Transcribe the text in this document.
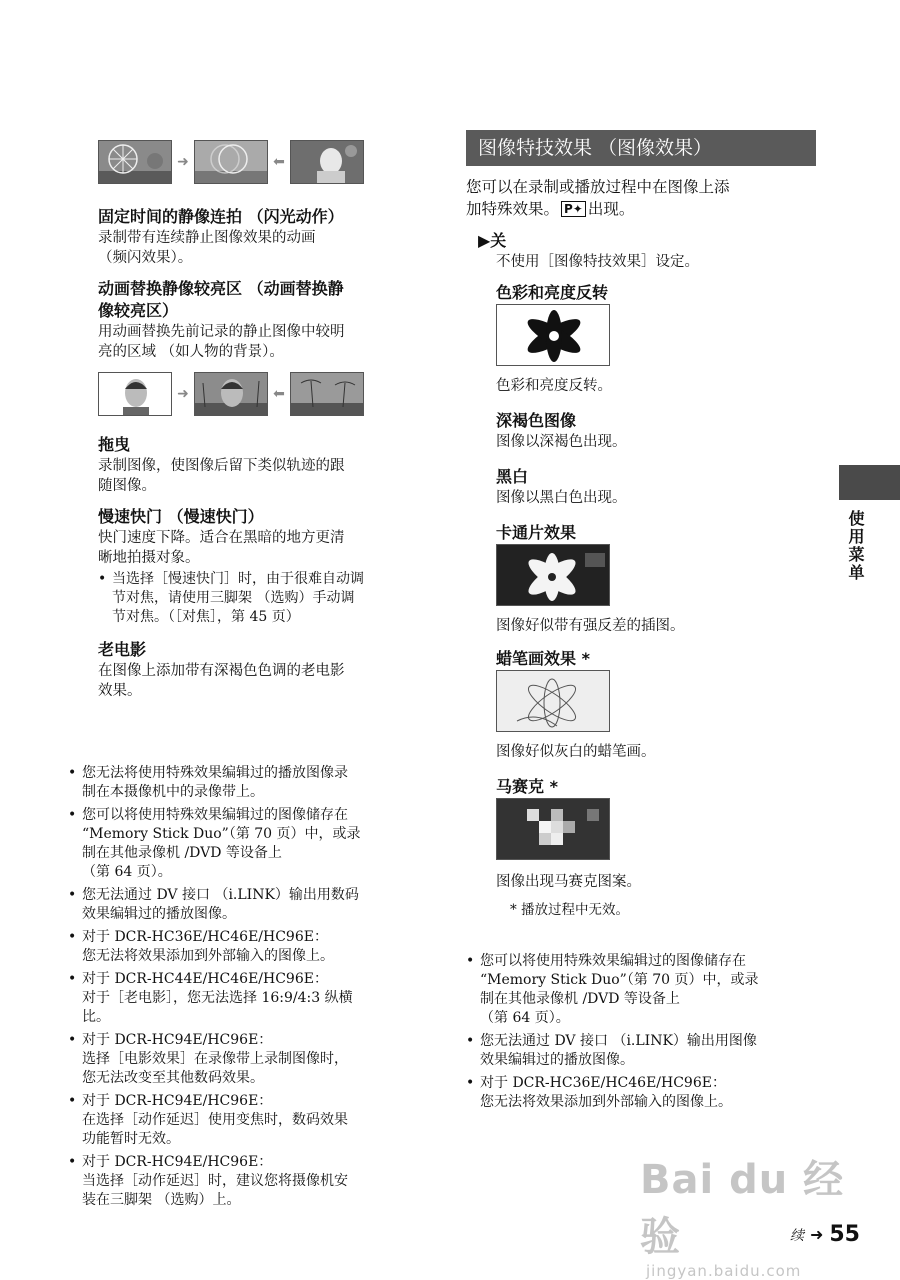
➜	⬅

固定时间的静像连拍 （闪光动作）

录制带有连续静止图像效果的动画

（频闪效果）。

动画替换静像较亮区 （动画替换静

像较亮区）

用动画替换先前记录的静止图像中较明

亮的区域 （如人物的背景）。

➜	⬅

拖曳

录制图像，使图像后留下类似轨迹的跟

随图像。

慢速快门 （慢速快门）

快门速度下降。适合在黑暗的地方更清

晰地拍摄对象。

• 当选择［慢速快门］时，由于很难自动调
节对焦，请使用三脚架 （选购）手动调
节对焦。（［对焦］，第 45 页）

老电影

在图像上添加带有深褐色色调的老电影

效果。

• 您无法将使用特殊效果编辑过的播放图像录
制在本摄像机中的录像带上。
• 您可以将使用特殊效果编辑过的图像储存在
“Memory Stick Duo”（第 70 页）中，或录
制在其他录像机 /DVD 等设备上
（第 64 页）。
• 您无法通过 DV 接口 （i.LINK）输出用数码
效果编辑过的播放图像。
• 对于 DCR-HC36E/HC46E/HC96E：
您无法将效果添加到外部输入的图像上。
• 对于 DCR-HC44E/HC46E/HC96E：
对于［老电影］，您无法选择 16:9/4:3 纵横
比。
• 对于 DCR-HC94E/HC96E：
选择［电影效果］在录像带上录制图像时，
您无法改变至其他数码效果。
• 对于 DCR-HC94E/HC96E：
在选择［动作延迟］使用变焦时，数码效果
功能暂时无效。
• 对于 DCR-HC94E/HC96E：
当选择［动作延迟］时，建议您将摄像机安
装在三脚架 （选购）上。
图像特技效果 （图像效果）

您可以在录制或播放过程中在图像上添

加特殊效果。 P✦ 出现。

▶关

不使用［图像特技效果］设定。

色彩和亮度反转

色彩和亮度反转。

深褐色图像

图像以深褐色出现。

黑白

图像以黑白色出现。

卡通片效果

图像好似带有强反差的插图。

蜡笔画效果 *

图像好似灰白的蜡笔画。

马赛克 *

图像出现马赛克图案。

* 播放过程中无效。

• 您可以将使用特殊效果编辑过的图像储存在
“Memory Stick Duo”（第 70 页）中，或录
制在其他录像机 /DVD 等设备上
（第 64 页）。
• 您无法通过 DV 接口 （i.LINK）输出用图像
效果编辑过的播放图像。
• 对于 DCR-HC36E/HC46E/HC96E：
您无法将效果添加到外部输入的图像上。
使用菜单
Bai du 经验
jingyan.baidu.com
续 ➜ 55
